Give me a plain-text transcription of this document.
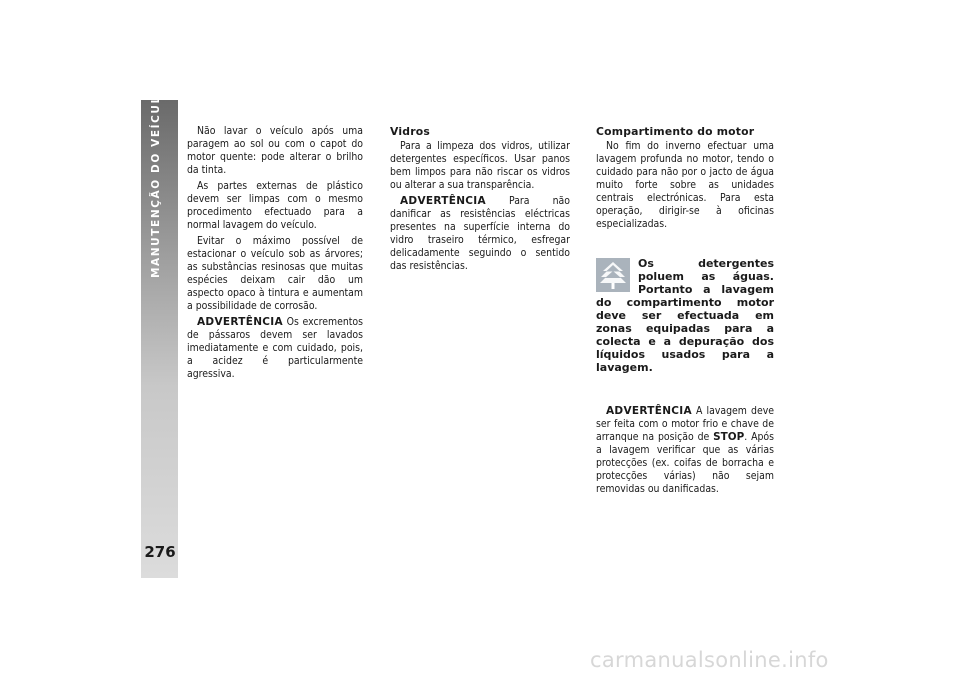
MANUTENÇÃO DO VEÍCULO
276

Não lavar o veículo após uma paragem ao sol ou com o capot do motor quente: pode alterar o brilho da tinta.

As partes externas de plástico devem ser limpas com o mesmo procedimento efectuado para a normal lavagem do veículo.

Evitar o máximo possível de estacionar o veículo sob as árvores; as substâncias resinosas que muitas espécies deixam cair dão um aspecto opaco à tintura e aumentam a possibilidade de corrosão.

ADVERTÊNCIA Os excrementos de pássaros devem ser lavados imediatamente e com cuidado, pois, a acidez é particularmente agressiva.

Vidros

Para a limpeza dos vidros, utilizar detergentes específicos. Usar panos bem limpos para não riscar os vidros ou alterar a sua transparência.

ADVERTÊNCIA Para não danificar as resistências eléctricas presentes na superfície interna do vidro traseiro térmico, esfregar delicadamente seguindo o sentido das resistências.

Compartimento do motor

No fim do inverno efectuar uma lavagem profunda no motor, tendo o cuidado para não por o jacto de água muito forte sobre as unidades centrais electrónicas. Para esta operação, dirigir-se à oficinas especializadas.

Os detergentes poluem as águas. Portanto a lavagem do compartimento motor deve ser efectuada em zonas equipadas para a colecta e a depuração dos líquidos usados para a lavagem.

ADVERTÊNCIA A lavagem deve ser feita com o motor frio e chave de arranque na posição de STOP. Após a lavagem verificar que as várias protecções (ex. coifas de borracha e protecções várias) não sejam removidas ou danificadas.

carmanualsonline.info
